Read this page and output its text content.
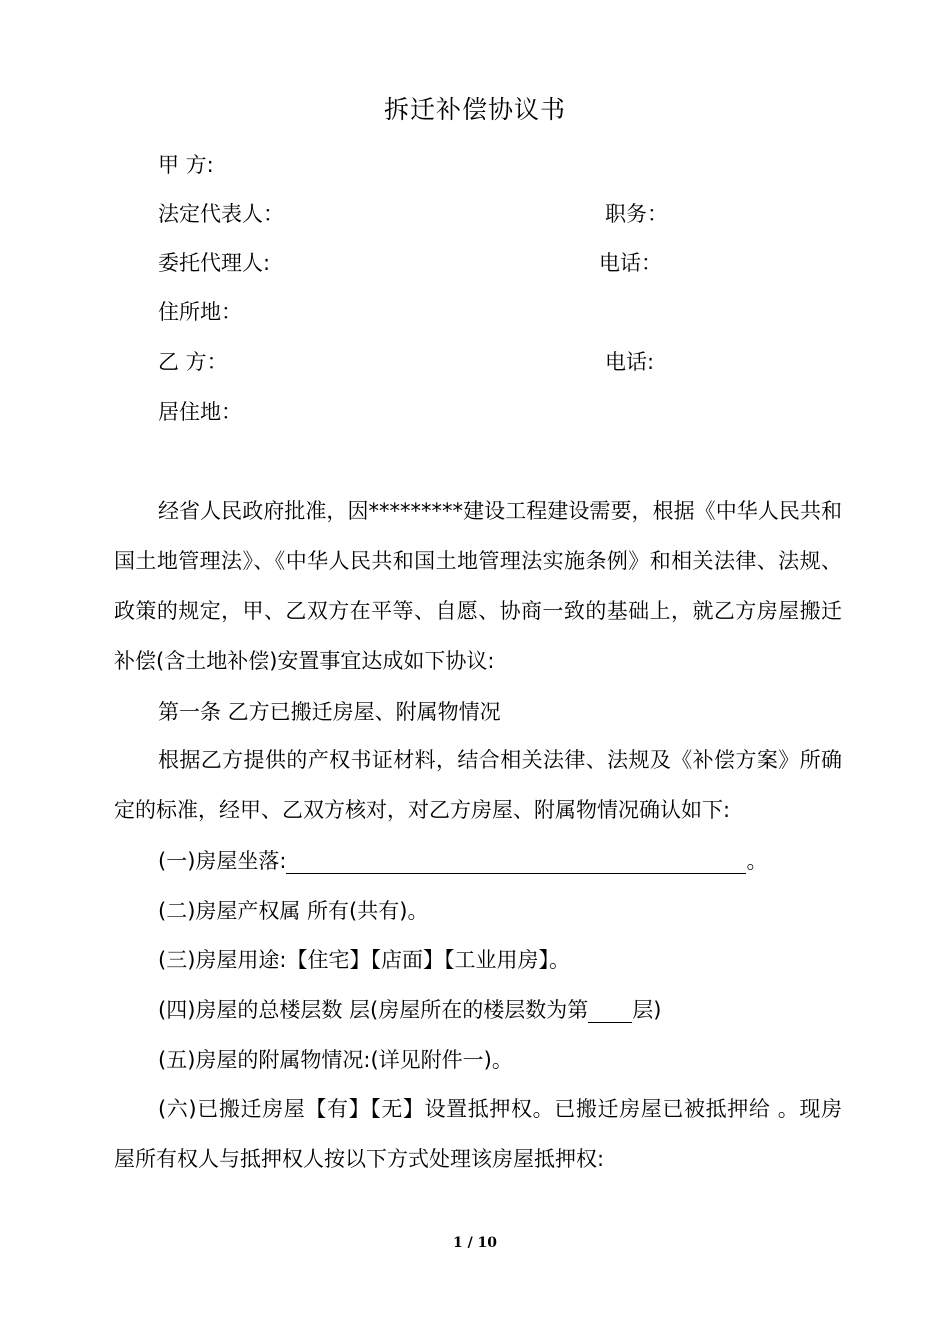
拆迁补偿协议书
甲 方:
法定代表人：	职务：
委托代理人:	电话：
住所地：
乙 方：	电话:
居住地：
经省人民政府批准，因*********建设工程建设需要，根据《中华人民共和国土地管理法》、《中华人民共和国土地管理法实施条例》和相关法律、法规、政策的规定，甲、乙双方在平等、自愿、协商一致的基础上，就乙方房屋搬迁补偿(含土地补偿)安置事宜达成如下协议:
第一条 乙方已搬迁房屋、附属物情况
根据乙方提供的产权书证材料，结合相关法律、法规及《补偿方案》所确定的标准，经甲、乙双方核对，对乙方房屋、附属物情况确认如下:
(一)房屋坐落:	。
(二)房屋产权属 所有(共有)。
(三)房屋用途:【住宅】【店面】【工业用房】。
(四)房屋的总楼层数 层(房屋所在的楼层数为第 层)
(五)房屋的附属物情况:(详见附件一)。
(六)已搬迁房屋【有】【无】设置抵押权。已搬迁房屋已被抵押给 。现房屋所有权人与抵押权人按以下方式处理该房屋抵押权:
1 / 10
